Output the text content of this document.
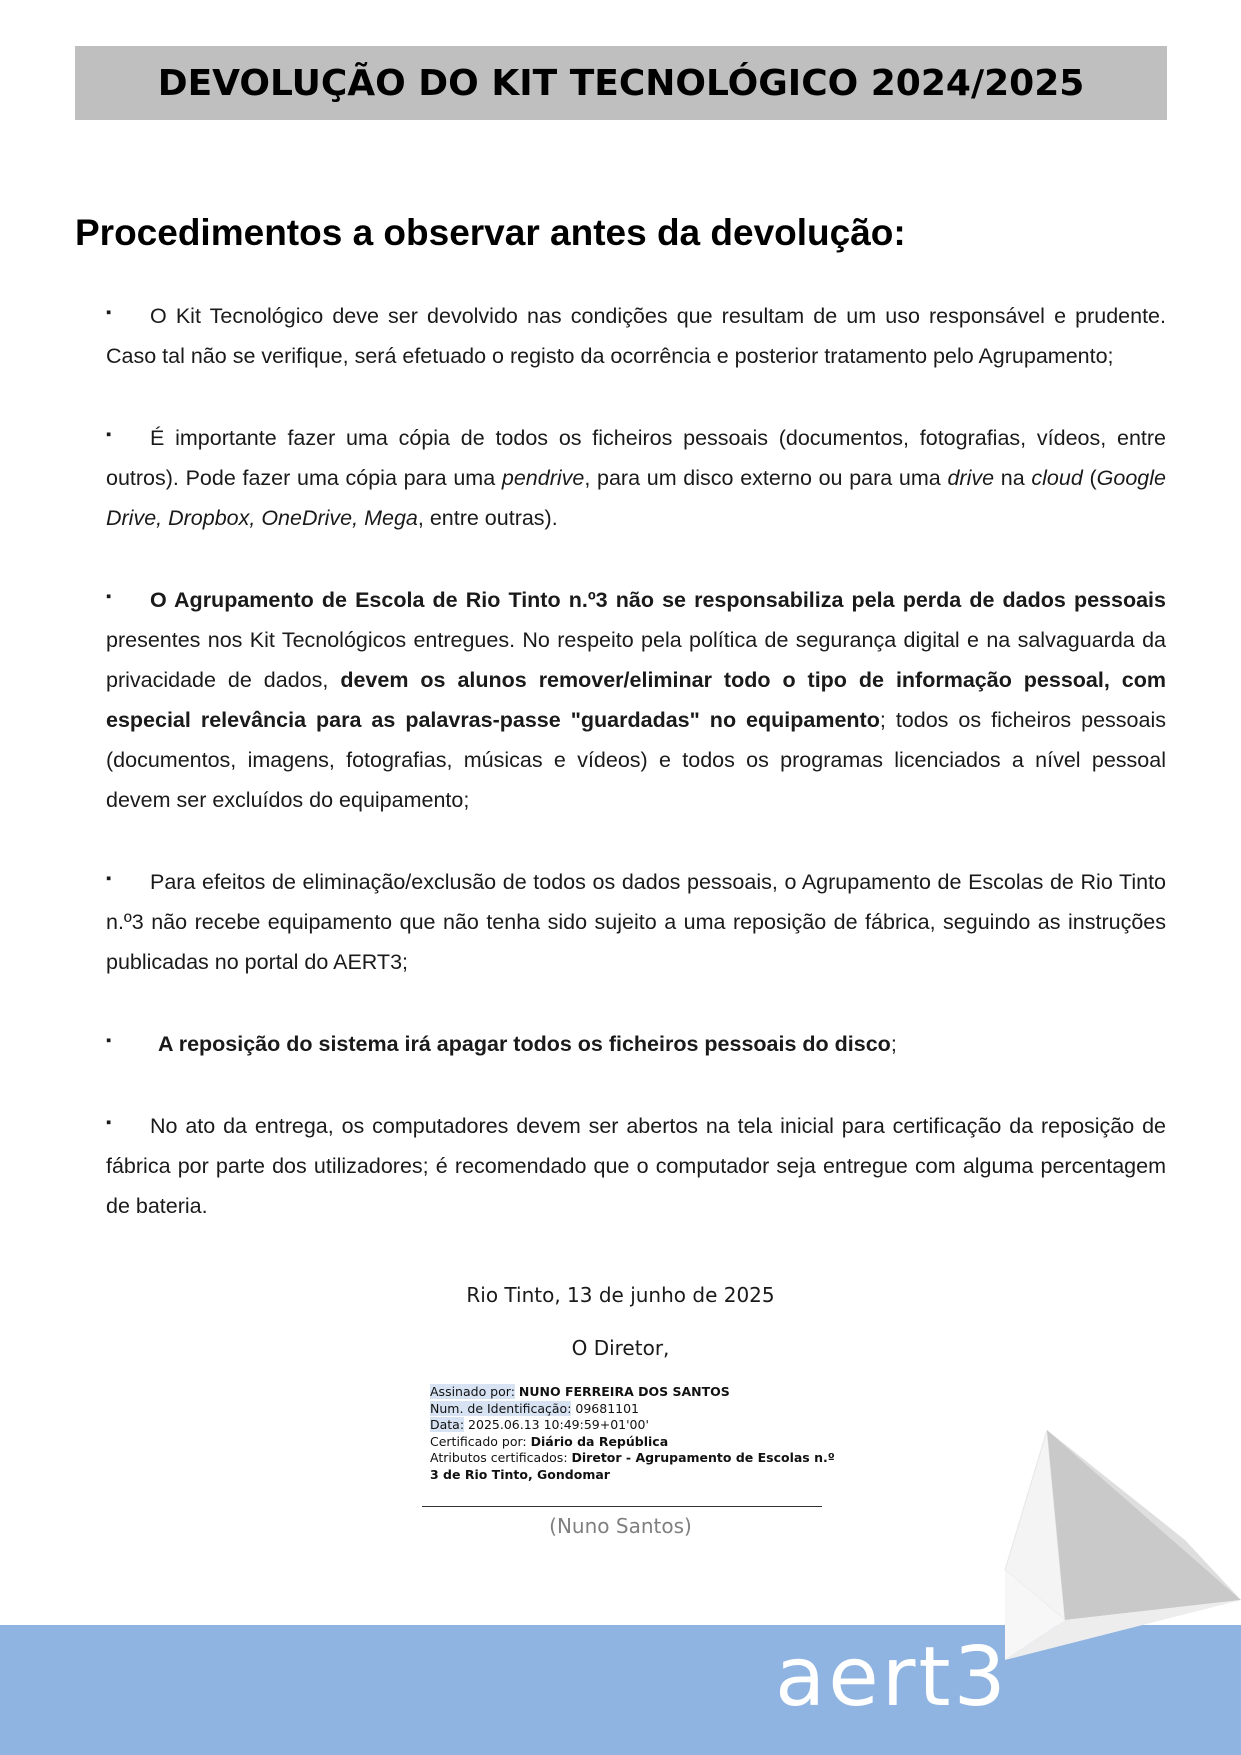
DEVOLUÇÃO DO KIT TECNOLÓGICO 2024/2025
Procedimentos a observar antes da devolução:

▪ O Kit Tecnológico deve ser devolvido nas condições que resultam de um uso responsável e prudente. Caso tal não se verifique, será efetuado o registo da ocorrência e posterior tratamento pelo Agrupamento;

▪ É importante fazer uma cópia de todos os ficheiros pessoais (documentos, fotografias, vídeos, entre outros). Pode fazer uma cópia para uma pendrive, para um disco externo ou para uma drive na cloud (Google Drive, Dropbox, OneDrive, Mega, entre outras).

▪ O Agrupamento de Escola de Rio Tinto n.º3 não se responsabiliza pela perda de dados pessoais presentes nos Kit Tecnológicos entregues. No respeito pela política de segurança digital e na salvaguarda da privacidade de dados, devem os alunos remover/eliminar todo o tipo de informação pessoal, com especial relevância para as palavras-passe "guardadas" no equipamento; todos os ficheiros pessoais (documentos, imagens, fotografias, músicas e vídeos) e todos os programas licenciados a nível pessoal devem ser excluídos do equipamento;

▪ Para efeitos de eliminação/exclusão de todos os dados pessoais, o Agrupamento de Escolas de Rio Tinto n.º3 não recebe equipamento que não tenha sido sujeito a uma reposição de fábrica, seguindo as instruções publicadas no portal do AERT3;

▪ A reposição do sistema irá apagar todos os ficheiros pessoais do disco;

▪ No ato da entrega, os computadores devem ser abertos na tela inicial para certificação da reposição de fábrica por parte dos utilizadores; é recomendado que o computador seja entregue com alguma percentagem de bateria.

Rio Tinto, 13 de junho de 2025
O Diretor,
Assinado por: NUNO FERREIRA DOS SANTOS
Num. de Identificação: 09681101
Data: 2025.06.13 10:49:59+01'00'
Certificado por: Diário da República
Atributos certificados: Diretor - Agrupamento de Escolas n.º 3 de Rio Tinto, Gondomar
(Nuno Santos)
aert3
